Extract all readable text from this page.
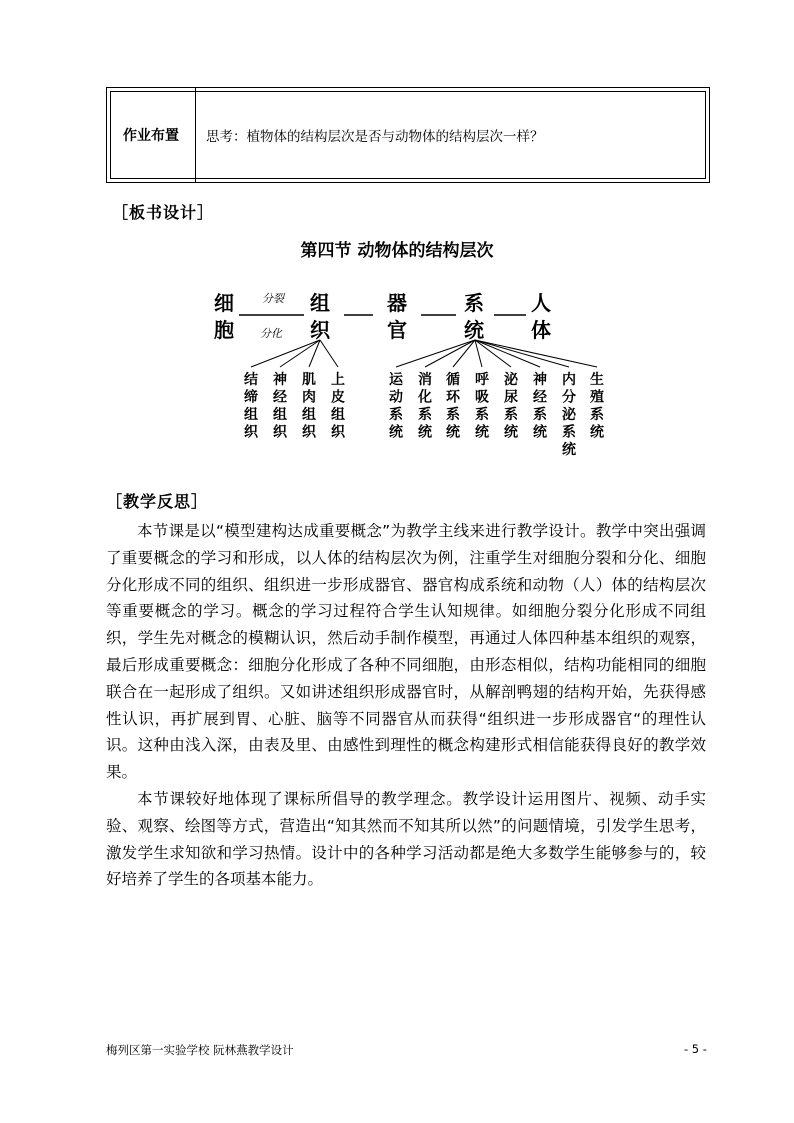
作业布置	思考：植物体的结构层次是否与动物体的结构层次一样？
［板书设计］
第四节 动物体的结构层次
细胞
组织
器官
系统
人体
分裂
分化
结缔组织
神经组织
肌肉组织
上皮组织
运动系统
消化系统
循环系统
呼吸系统
泌尿系统
神经系统
内分泌系统
生殖系统
［教学反思］

本节课是以“模型建构达成重要概念”为教学主线来进行教学设计。教学中突出强调了重要概念的学习和形成，以人体的结构层次为例，注重学生对细胞分裂和分化、细胞分化形成不同的组织、组织进一步形成器官、器官构成系统和动物（人）体的结构层次等重要概念的学习。概念的学习过程符合学生认知规律。如细胞分裂分化形成不同组织，学生先对概念的模糊认识，然后动手制作模型，再通过人体四种基本组织的观察，最后形成重要概念：细胞分化形成了各种不同细胞，由形态相似，结构功能相同的细胞联合在一起形成了组织。又如讲述组织形成器官时，从解剖鸭翅的结构开始，先获得感性认识，再扩展到胃、心脏、脑等不同器官从而获得“组织进一步形成器官“的理性认识。这种由浅入深，由表及里、由感性到理性的概念构建形式相信能获得良好的教学效果。

本节课较好地体现了课标所倡导的教学理念。教学设计运用图片、视频、动手实验、观察、绘图等方式，营造出“知其然而不知其所以然”的问题情境，引发学生思考，激发学生求知欲和学习热情。设计中的各种学习活动都是绝大多数学生能够参与的，较好培养了学生的各项基本能力。

梅列区第一实验学校 阮林燕教学设计	- 5 -
